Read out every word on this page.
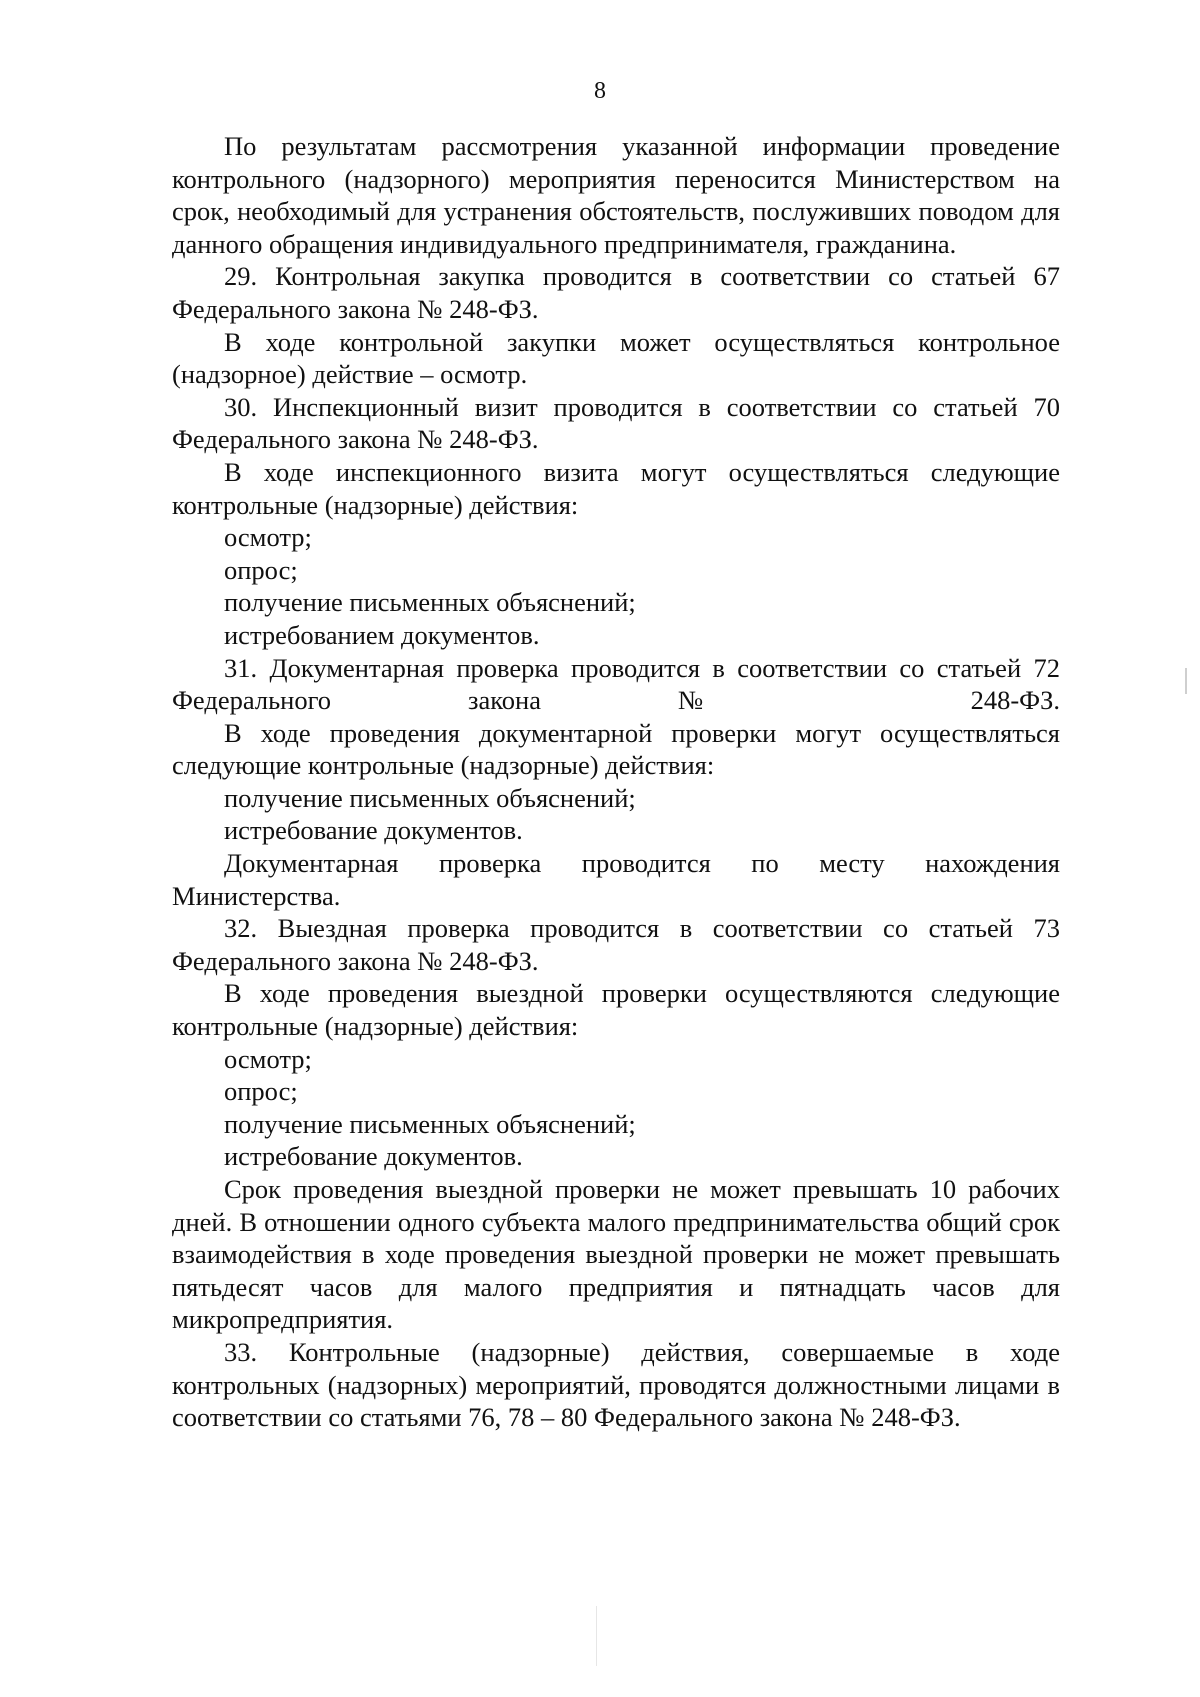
8

По результатам рассмотрения указанной информации проведение контрольного (надзорного) мероприятия переносится Министерством на срок, необходимый для устранения обстоятельств, послуживших поводом для данного обращения индивидуального предпринимателя, гражданина.

29. Контрольная закупка проводится в соответствии со статьей 67 Федерального закона № 248-ФЗ.

В ходе контрольной закупки может осуществляться контрольное (надзорное) действие – осмотр.

30. Инспекционный визит проводится в соответствии со статьей 70 Федерального закона № 248-ФЗ.

В ходе инспекционного визита могут осуществляться следующие контрольные (надзорные) действия:

осмотр;

опрос;

получение письменных объяснений;

истребованием документов.

31. Документарная проверка проводится в соответствии со статьей 72 Федерального закона № 248-ФЗ.

В ходе проведения документарной проверки могут осуществляться следующие контрольные (надзорные) действия:

получение письменных объяснений;

истребование документов.

Документарная проверка проводится по месту нахождения Министерства.

32. Выездная проверка проводится в соответствии со статьей 73 Федерального закона № 248-ФЗ.

В ходе проведения выездной проверки осуществляются следующие контрольные (надзорные) действия:

осмотр;

опрос;

получение письменных объяснений;

истребование документов.

Срок проведения выездной проверки не может превышать 10 рабочих дней. В отношении одного субъекта малого предпринимательства общий срок взаимодействия в ходе проведения выездной проверки не может превышать пятьдесят часов для малого предприятия и пятнадцать часов для микропредприятия.

33. Контрольные (надзорные) действия, совершаемые в ходе контрольных (надзорных) мероприятий, проводятся должностными лицами в соответствии со статьями 76, 78 – 80 Федерального закона № 248-ФЗ.
